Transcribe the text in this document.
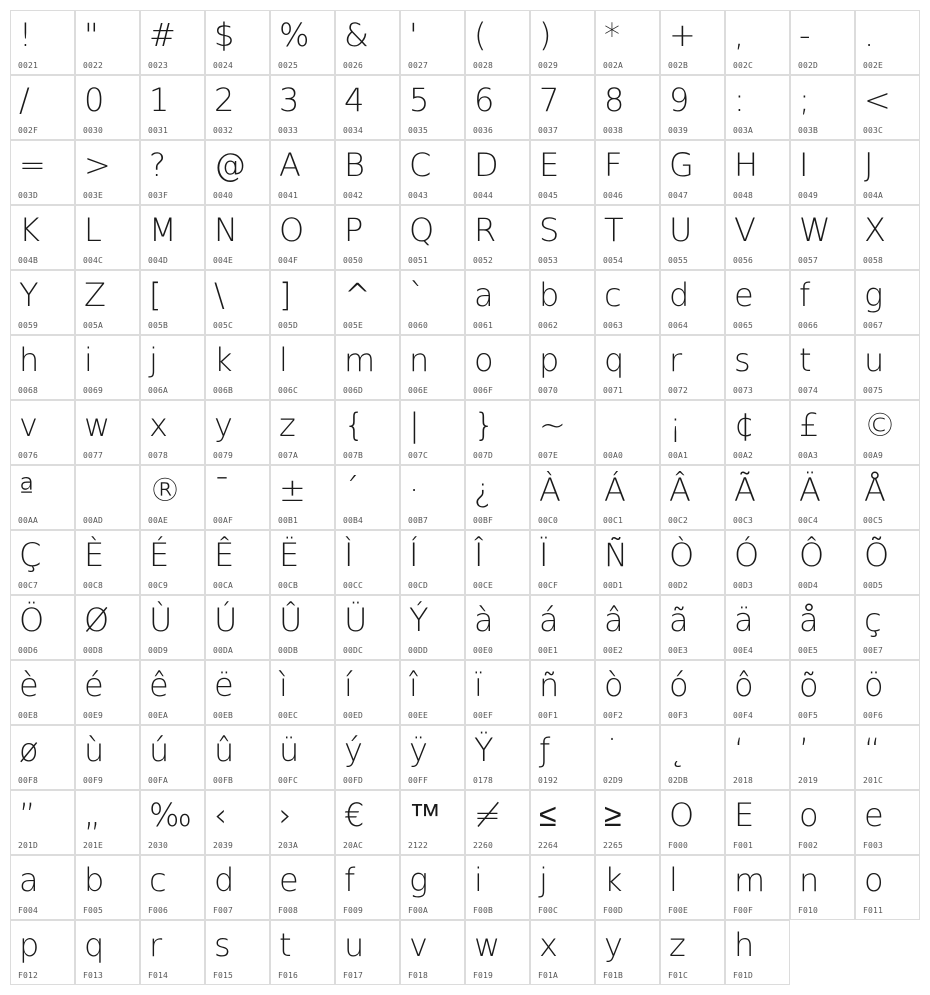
!
0021
"
0022
#
0023
$
0024
%
0025
&
0026
'
0027
(
0028
)
0029
*
002A
+
002B
,
002C
-
002D
.
002E
/
002F
0
0030
1
0031
2
0032
3
0033
4
0034
5
0035
6
0036
7
0037
8
0038
9
0039
:
003A
;
003B
<
003C
=
003D
>
003E
?
003F
@
0040
A
0041
B
0042
C
0043
D
0044
E
0045
F
0046
G
0047
H
0048
I
0049
J
004A
K
004B
L
004C
M
004D
N
004E
O
004F
P
0050
Q
0051
R
0052
S
0053
T
0054
U
0055
V
0056
W
0057
X
0058
Y
0059
Z
005A
[
005B
\
005C
]
005D
^
005E
`
0060
a
0061
b
0062
c
0063
d
0064
e
0065
f
0066
g
0067
h
0068
i
0069
j
006A
k
006B
l
006C
m
006D
n
006E
o
006F
p
0070
q
0071
r
0072
s
0073
t
0074
u
0075
v
0076
w
0077
x
0078
y
0079
z
007A
{
007B
|
007C
}
007D
~
007E
	00A0
¡
00A1
¢
00A2
£
00A3
©
00A9
ª
00AA	00AD
®
00AE
¯
00AF
±
00B1
´
00B4
·
00B7
¿
00BF
À
00C0
Á
00C1
Â
00C2
Ã
00C3
Ä
00C4
Å
00C5
Ç
00C7
È
00C8
É
00C9
Ê
00CA
Ë
00CB
Ì
00CC
Í
00CD
Î
00CE
Ï
00CF
Ñ
00D1
Ò
00D2
Ó
00D3
Ô
00D4
Õ
00D5
Ö
00D6
Ø
00D8
Ù
00D9
Ú
00DA
Û
00DB
Ü
00DC
Ý
00DD
à
00E0
á
00E1
â
00E2
ã
00E3
ä
00E4
å
00E5
ç
00E7
è
00E8
é
00E9
ê
00EA
ë
00EB
ì
00EC
í
00ED
î
00EE
ï
00EF
ñ
00F1
ò
00F2
ó
00F3
ô
00F4
õ
00F5
ö
00F6
ø
00F8
ù
00F9
ú
00FA
û
00FB
ü
00FC
ý
00FD
ÿ
00FF
Ÿ
0178
ƒ
0192
˙
02D9
˛
02DB
‘
2018
’
2019
“
201C
”
201D
„
201E
‰
2030
‹
2039
›
203A
€
20AC
™
2122
≠
2260
≤
2264
≥
2265
O
F000
E
F001
o
F002
e
F003
a
F004
b
F005
c
F006
d
F007
e
F008
f
F009
g
F00A
i
F00B
j
F00C
k
F00D
l
F00E
m
F00F
n
F010
o
F011
p
F012
q
F013
r
F014
s
F015
t
F016
u
F017
v
F018
w
F019
x
F01A
y
F01B
z
F01C
h
F01D
